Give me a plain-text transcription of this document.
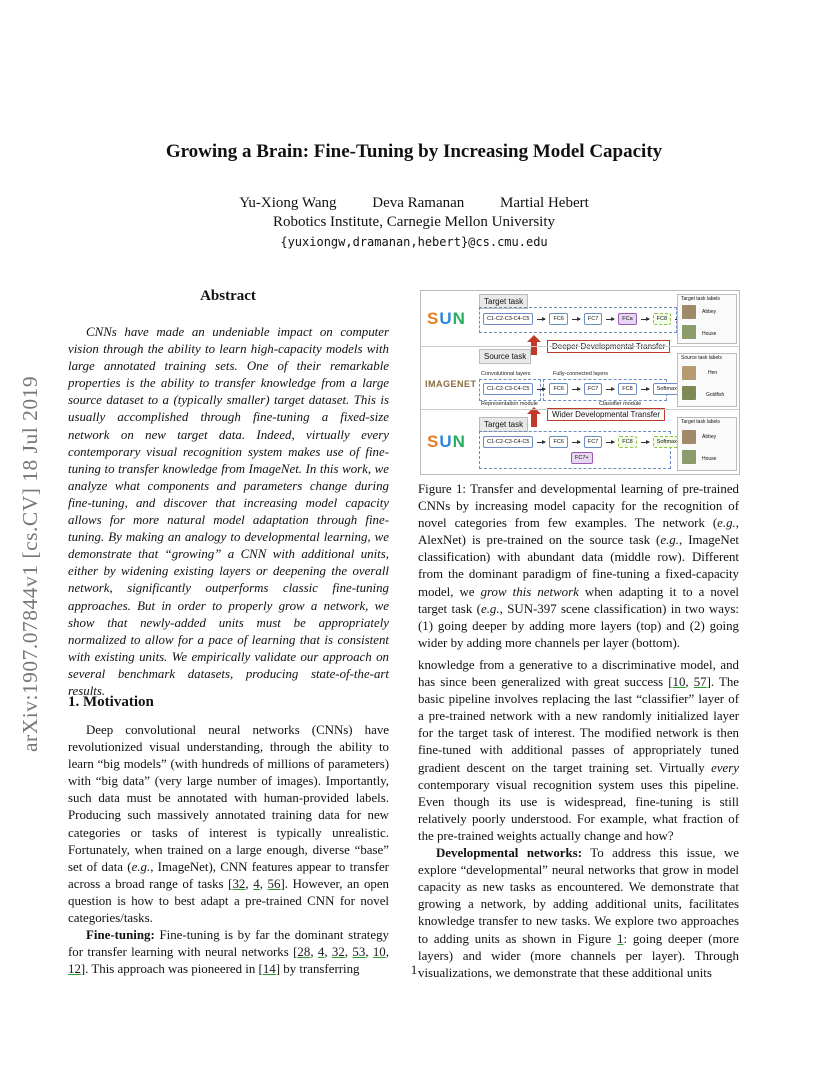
arXiv:1907.07844v1 [cs.CV] 18 Jul 2019
Growing a Brain: Fine-Tuning by Increasing Model Capacity
Yu-Xiong Wang Deva Ramanan Martial Hebert
Robotics Institute, Carnegie Mellon University
{yuxiongw,dramanan,hebert}@cs.cmu.edu
Abstract

CNNs have made an undeniable impact on computer vision through the ability to learn high-capacity models with large annotated training sets. One of their remarkable properties is the ability to transfer knowledge from a large source dataset to a (typically smaller) target dataset. This is usually accomplished through fine-tuning a fixed-size network on new target data. Indeed, virtually every contemporary visual recognition system makes use of fine-tuning to transfer knowledge from ImageNet. In this work, we analyze what components and parameters change during fine-tuning, and discover that increasing model capacity allows for more natural model adaptation through fine-tuning. By making an analogy to developmental learning, we demonstrate that “growing” a CNN with additional units, either by widening existing layers or deepening the overall network, significantly outperforms classic fine-tuning approaches. But in order to properly grow a network, we show that newly-added units must be appropriately normalized to allow for a pace of learning that is consistent with existing units. We empirically validate our approach on several benchmark datasets, producing state-of-the-art results.

1. Motivation

Deep convolutional neural networks (CNNs) have revolutionized visual understanding, through the ability to learn “big models” (with hundreds of millions of parameters) with “big data” (very large number of images). Importantly, such data must be annotated with human-provided labels. Producing such massively annotated training data for new categories or tasks of interest is typically unrealistic. Fortunately, when trained on a large enough, diverse “base” set of data (e.g., ImageNet), CNN features appear to transfer across a broad range of tasks [32, 4, 56]. However, an open question is how to best adapt a pre-trained CNN for novel categories/tasks.

Fine-tuning: Fine-tuning is by far the dominant strategy for transfer learning with neural networks [28, 4, 32, 53, 10, 12]. This approach was pioneered in [14] by transferring

Target task
SUN	C1-C2-C3-C4-C5	FC6	FC7	FCa	FC8
Target task labels
Abbey
House
Source task
Convolutional layers	Fully-connected layers
IMAGENET	C1-C2-C3-C4-C5	FC6	FC7	FC8	Softmax
Representation module	Classifier module
Source task labels
Hen
Goldfish
Wider Developmental Transfer
Target task
SUN	C1-C2-C3-C4-C5	FC6	FC7	FC8	Softmax
FC7+
Target task labels
Abbey
House

Figure 1: Transfer and developmental learning of pre-trained CNNs by increasing model capacity for the recognition of novel categories from few examples. The network (e.g., AlexNet) is pre-trained on the source task (e.g., ImageNet classification) with abundant data (middle row). Different from the dominant paradigm of fine-tuning a fixed-capacity model, we grow this network when adapting it to a novel target task (e.g., SUN-397 scene classification) in two ways: (1) going deeper by adding more layers (top) and (2) going wider by adding more channels per layer (bottom).

knowledge from a generative to a discriminative model, and has since been generalized with great success [10, 57]. The basic pipeline involves replacing the last “classifier” layer of a pre-trained network with a new randomly initialized layer for the target task of interest. The modified network is then fine-tuned with additional passes of appropriately tuned gradient descent on the target training set. Virtually every contemporary visual recognition system uses this pipeline. Even though its use is widespread, fine-tuning is still relatively poorly understood. For example, what fraction of the pre-trained weights actually change and how?

Developmental networks: To address this issue, we explore “developmental” neural networks that grow in model capacity as new tasks as encountered. We demonstrate that growing a network, by adding additional units, facilitates knowledge transfer to new tasks. We explore two approaches to adding units as shown in Figure 1: going deeper (more layers) and wider (more channels per layer). Through visualizations, we demonstrate that these additional units

1
